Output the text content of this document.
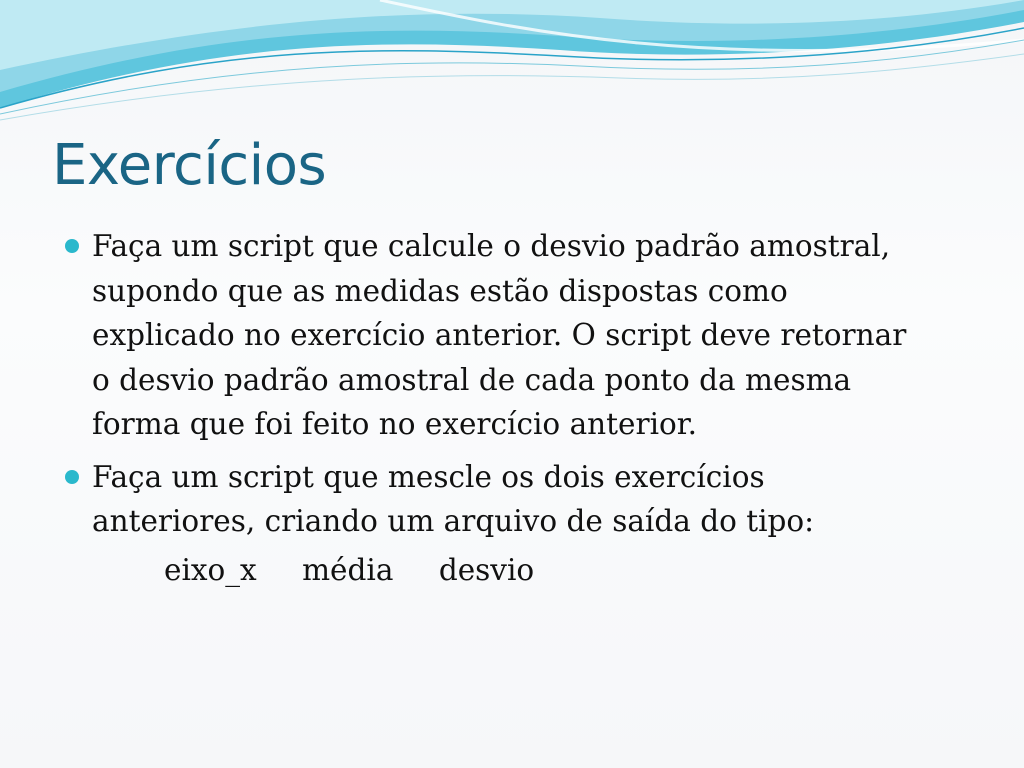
Exercícios
Faça um script que calcule o desvio padrão amostral,
supondo que as medidas estão dispostas como
explicado no exercício anterior. O script deve retornar
o desvio padrão amostral de cada ponto da mesma
forma que foi feito no exercício anterior.
Faça um script que mescle os dois exercícios
anteriores, criando um arquivo de saída do tipo:
eixo_x média desvio
